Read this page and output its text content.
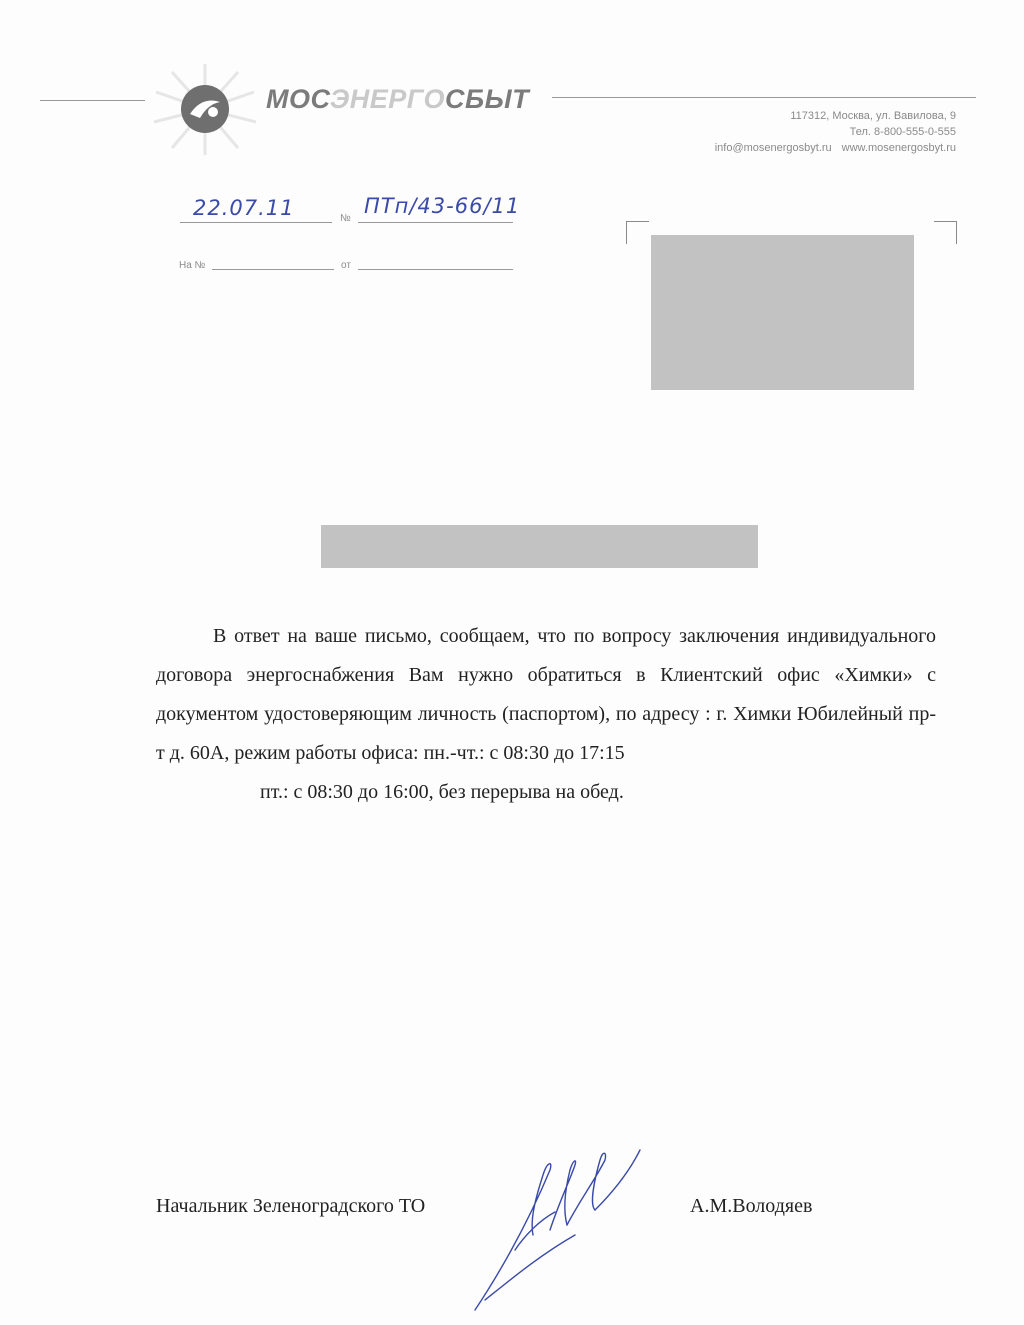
МОСЭНЕРГОСБЫТ
117312, Москва, ул. Вавилова, 9
Тел. 8-800-555-0-555
info@mosenergosbyt.ru www.mosenergosbyt.ru
22.07.11	№
ПТп/43-66/11
На №	от

В ответ на ваше письмо, сообщаем, что по вопросу заключения индивидуального договора энергоснабжения Вам нужно обратиться в Клиентский офис «Химки» с документом удостоверяющим личность (паспортом), по адресу : г. Химки Юбилейный пр-т д. 60А, режим работы офиса: пн.-чт.: с 08:30 до 17:15

пт.: с 08:30 до 16:00, без перерыва на обед.

Начальник Зеленоградского ТО	А.М.Володяев
